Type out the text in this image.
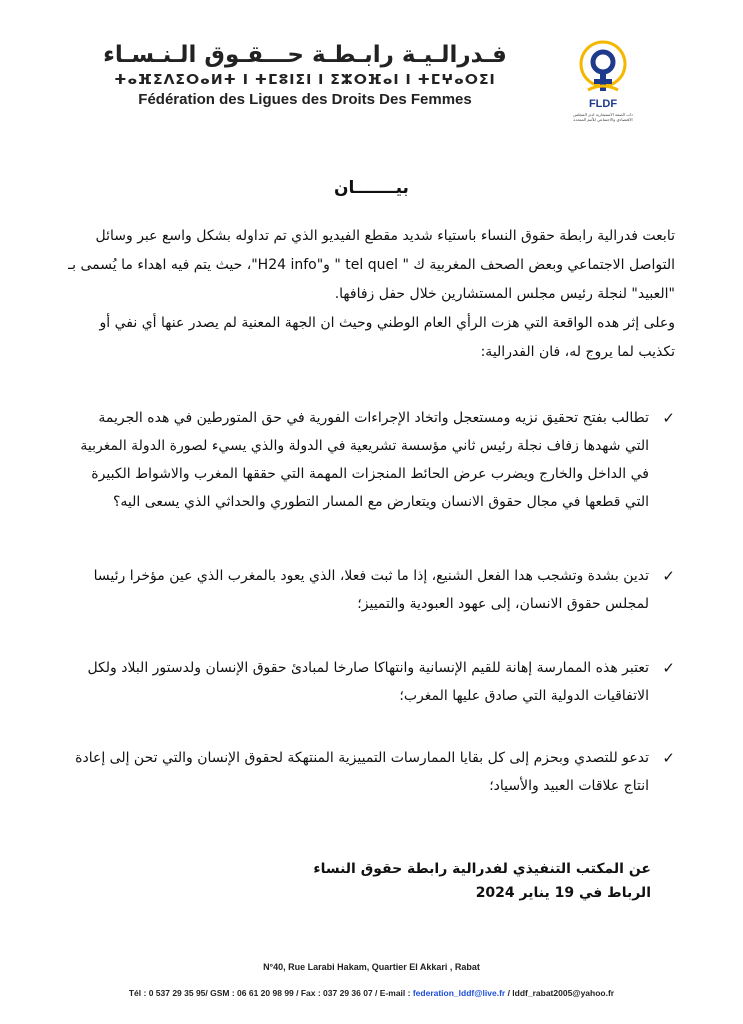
فـدرالـيـة رابـطـة حـــقـوق الـنـسـاء
ⵜⴰⴼⵉⴷⵉⵔⴰⵍⵜ ⵏ ⵜⵎⵓⵏⵉⵏ ⵏ ⵉⵣⵔⴼⴰⵏ ⵏ ⵜⵎⵖⴰⵔⵉⵏ
Fédération des Ligues des Droits Des Femmes	FLDF
ذات الصفة الاستشارية لدى المجلس الاقتصادي والاجتماعي للأمم المتحدة
بيـــــــان

تابعت فدرالية رابطة حقوق النساء باستياء شديد مقطع الفيديو الذي تم تداوله بشكل واسع عبر وسائل التواصل الاجتماعي وبعض الصحف المغربية ك " tel quel " و"H24 info"، حيث يتم فيه اهداء ما يُسمى بـ "العبيد" لنجلة رئيس مجلس المستشارين خلال حفل زفافها.

وعلى إثر هده الواقعة التي هزت الرأي العام الوطني وحيث ان الجهة المعنية لم يصدر عنها أي نفي أو تكذيب لما يروج له، فان الفدرالية:

✓
تطالب بفتح تحقيق نزيه ومستعجل واتخاد الإجراءات الفورية في حق المتورطين في هده الجريمة التي شهدها زفاف نجلة رئيس ثاني مؤسسة تشريعية في الدولة والذي يسيء لصورة الدولة المغربية في الداخل والخارج ويضرب عرض الحائط المنجزات المهمة التي حققها المغرب والاشواط الكبيرة التي قطعها في مجال حقوق الانسان ويتعارض مع المسار التطوري والحداثي الذي يسعى اليه؟
✓
تدين بشدة وتشجب هدا الفعل الشنيع، إذا ما ثبت فعلا، الذي يعود بالمغرب الذي عين مؤخرا رئيسا لمجلس حقوق الانسان، إلى عهود العبودية والتمييز؛
✓
تعتبر هذه الممارسة إهانة للقيم الإنسانية وانتهاكا صارخا لمبادئ حقوق الإنسان ولدستور البلاد ولكل الاتفاقيات الدولية التي صادق عليها المغرب؛
✓
تدعو للتصدي وبحزم إلى كل بقايا الممارسات التمييزية المنتهكة لحقوق الإنسان والتي تحن إلى إعادة انتاج علاقات العبيد والأسياد؛
عن المكتب التنفيذي لفدرالية رابطة حقوق النساء
الرباط في 19 يناير 2024
N°40, Rue Larabi Hakam, Quartier El Akkari , Rabat
Tél : 0 537 29 35 95/ GSM : 06 61 20 98 99 / Fax : 037 29 36 07 / E-mail : federation_lddf@live.fr / lddf_rabat2005@yahoo.fr
